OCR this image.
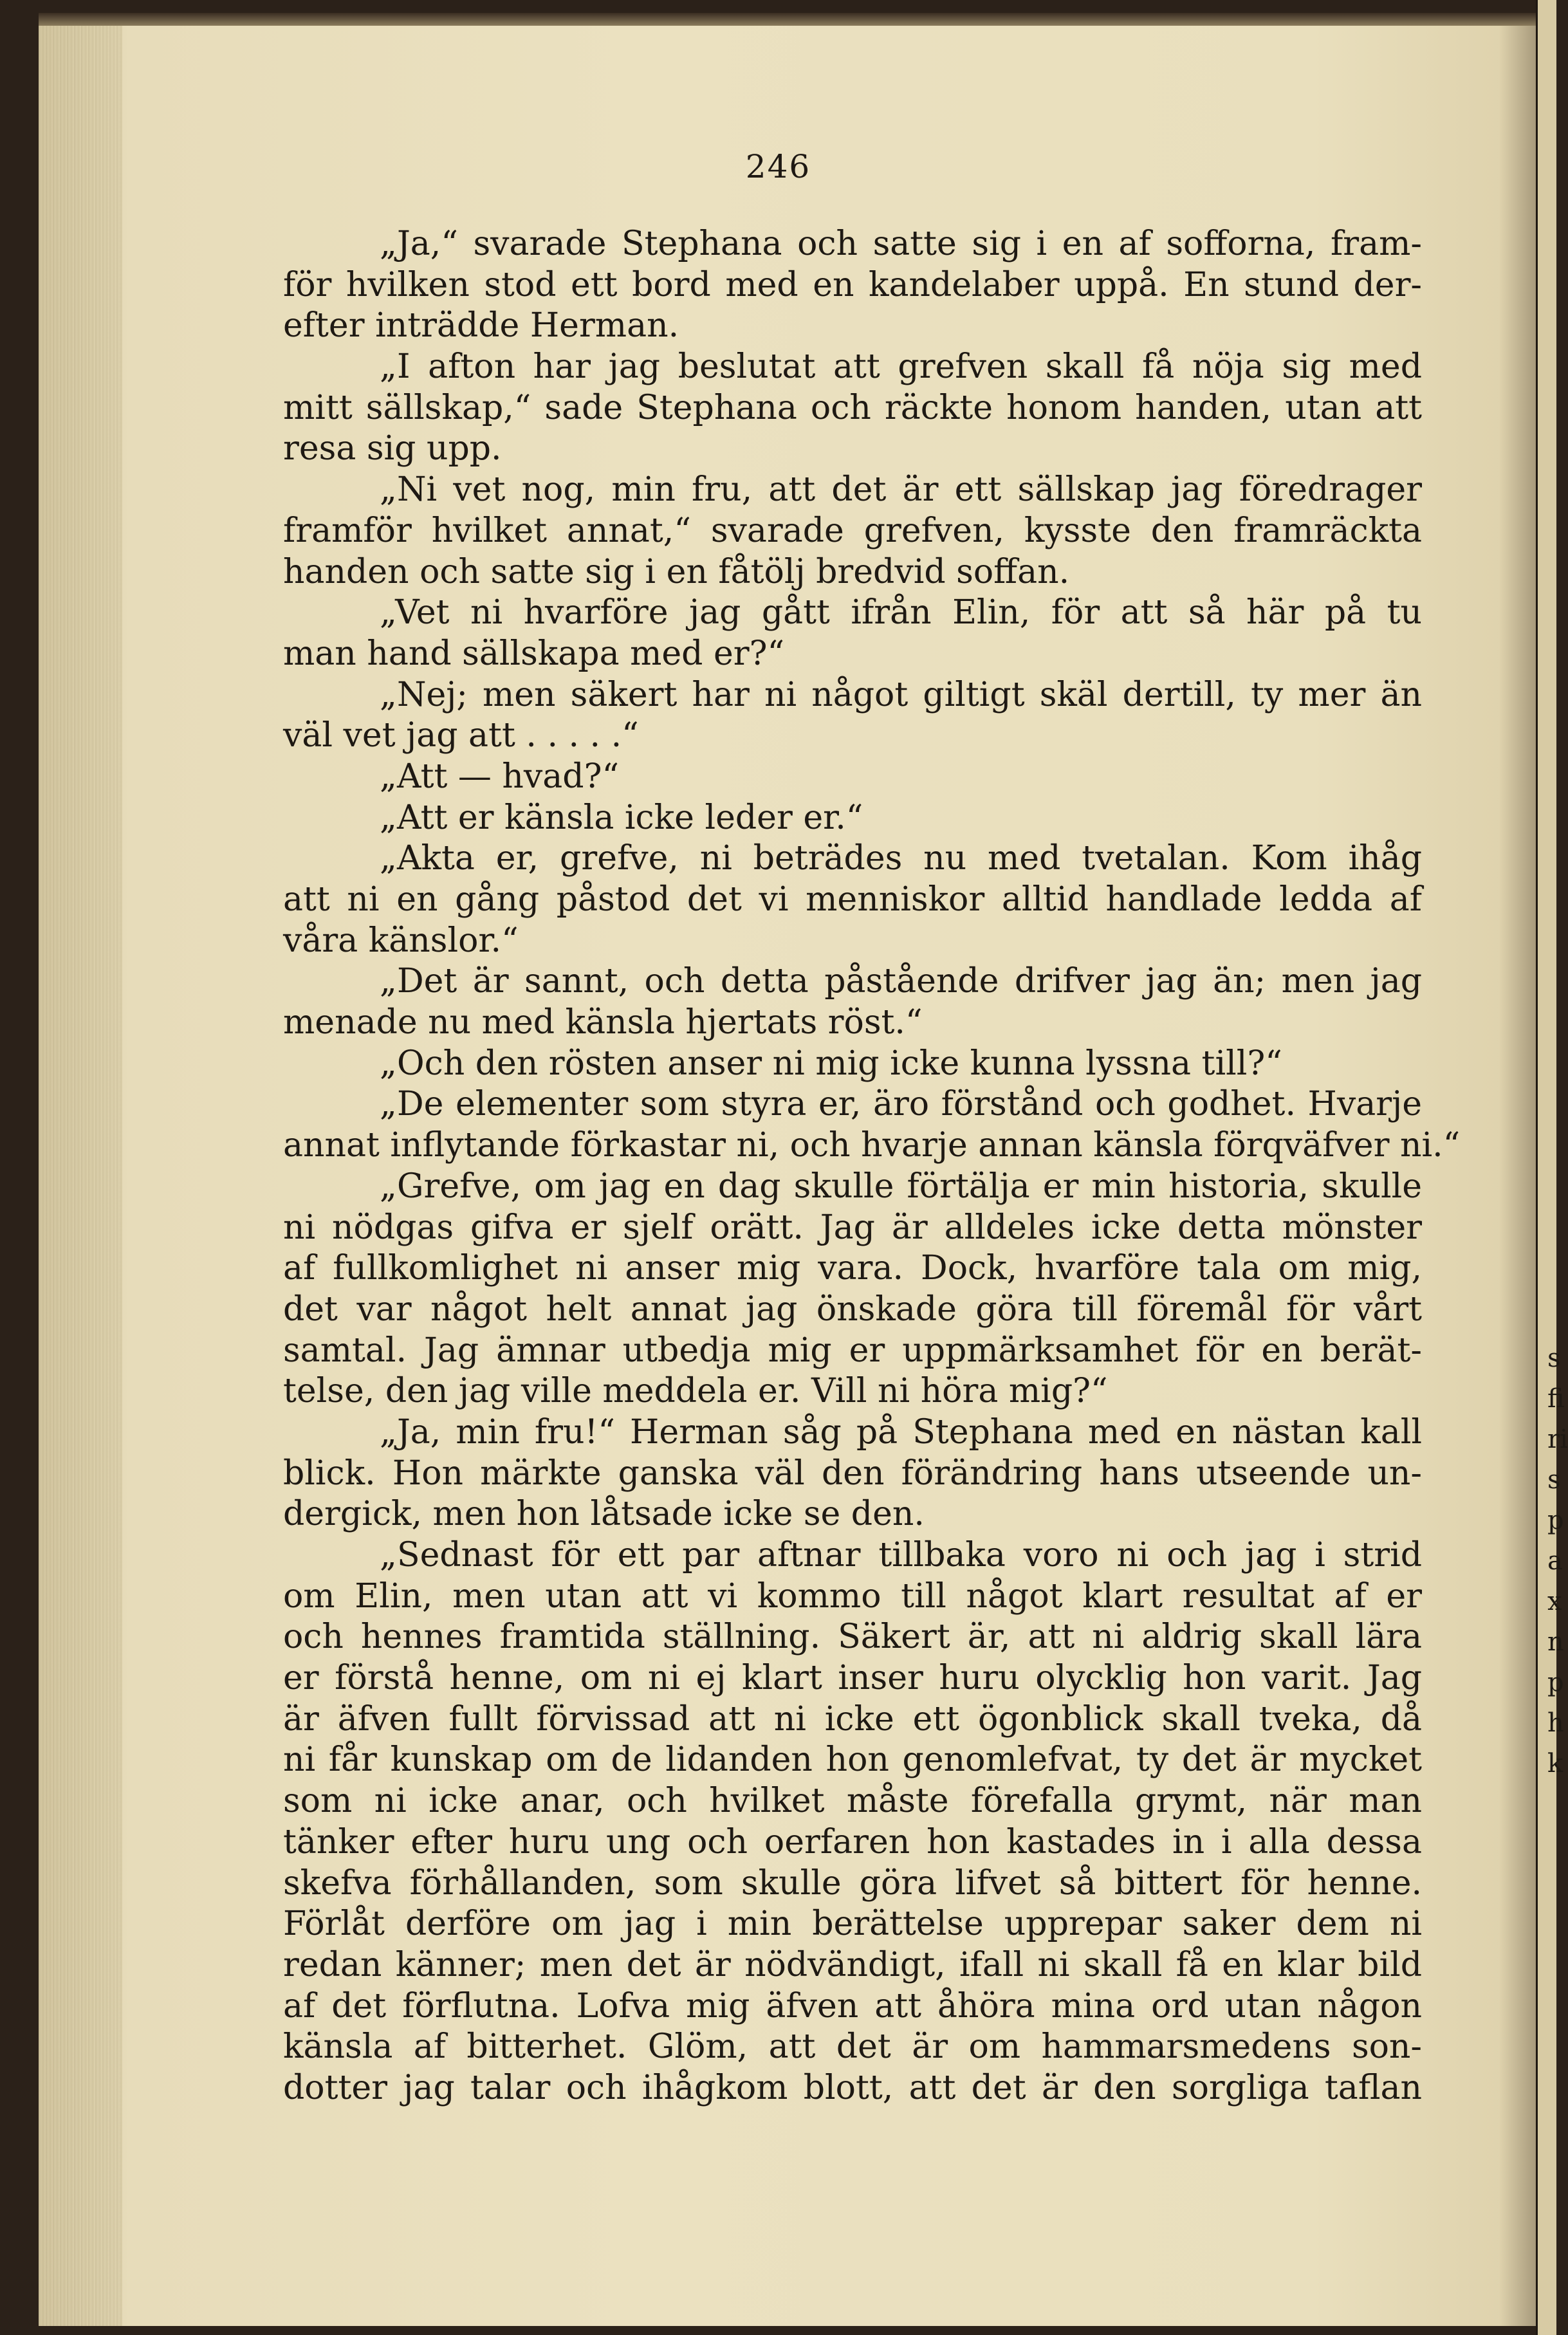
246
„Ja,“ svarade Stephana och satte sig i en af sofforna, fram-
för hvilken stod ett bord med en kandelaber uppå. En stund der-
efter inträdde Herman.
„I afton har jag beslutat att grefven skall få nöja sig med
mitt sällskap,“ sade Stephana och räckte honom handen, utan att
resa sig upp.
„Ni vet nog, min fru, att det är ett sällskap jag föredrager
framför hvilket annat,“ svarade grefven, kysste den framräckta
handen och satte sig i en fåtölj bredvid soffan.
„Vet ni hvarföre jag gått ifrån Elin, för att så här på tu
man hand sällskapa med er?“
„Nej; men säkert har ni något giltigt skäl dertill, ty mer än
väl vet jag att . . . . .“
„Att — hvad?“
„Att er känsla icke leder er.“
„Akta er, grefve, ni beträdes nu med tvetalan. Kom ihåg
att ni en gång påstod det vi menniskor alltid handlade ledda af
våra känslor.“
„Det är sannt, och detta påstående drifver jag än; men jag
menade nu med känsla hjertats röst.“
„Och den rösten anser ni mig icke kunna lyssna till?“
„De elementer som styra er, äro förstånd och godhet. Hvarje
annat inflytande förkastar ni, och hvarje annan känsla förqväfver ni.“
„Grefve, om jag en dag skulle förtälja er min historia, skulle
ni nödgas gifva er sjelf orätt. Jag är alldeles icke detta mönster
af fullkomlighet ni anser mig vara. Dock, hvarföre tala om mig,
det var något helt annat jag önskade göra till föremål för vårt
samtal. Jag ämnar utbedja mig er uppmärksamhet för en berät-
telse, den jag ville meddela er. Vill ni höra mig?“
„Ja, min fru!“ Herman såg på Stephana med en nästan kall
blick. Hon märkte ganska väl den förändring hans utseende un-
dergick, men hon låtsade icke se den.
„Sednast för ett par aftnar tillbaka voro ni och jag i strid
om Elin, men utan att vi kommo till något klart resultat af er
och hennes framtida ställning. Säkert är, att ni aldrig skall lära
er förstå henne, om ni ej klart inser huru olycklig hon varit. Jag
är äfven fullt förvissad att ni icke ett ögonblick skall tveka, då
ni får kunskap om de lidanden hon genomlefvat, ty det är mycket
som ni icke anar, och hvilket måste förefalla grymt, när man
tänker efter huru ung och oerfaren hon kastades in i alla dessa
skefva förhållanden, som skulle göra lifvet så bittert för henne.
Förlåt derföre om jag i min berättelse upprepar saker dem ni
redan känner; men det är nödvändigt, ifall ni skall få en klar bild
af det förflutna. Lofva mig äfven att åhöra mina ord utan någon
känsla af bitterhet. Glöm, att det är om hammarsmedens son-
dotter jag talar och ihågkom blott, att det är den sorgliga taflan
s
fi
ri
s
p
a
x
n
p
h
k
